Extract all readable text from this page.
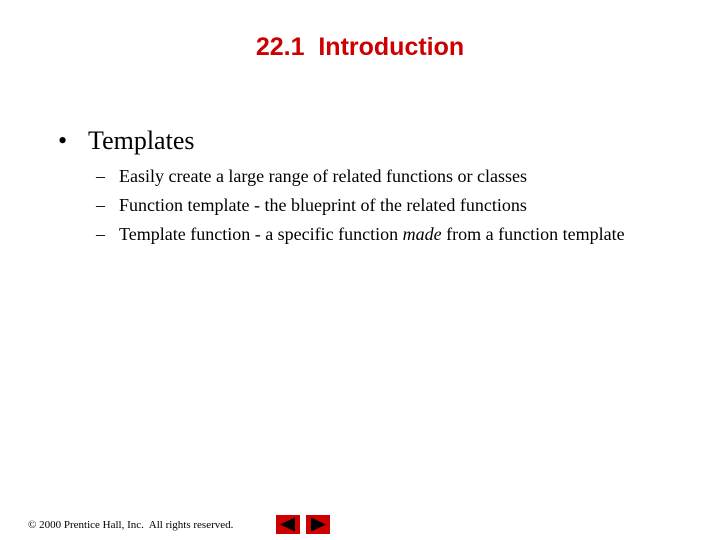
22.1  Introduction
• Templates
– Easily create a large range of related functions or classes
– Function template - the blueprint of the related functions
– Template function - a specific function made from a function template
© 2000 Prentice Hall, Inc.  All rights reserved.
